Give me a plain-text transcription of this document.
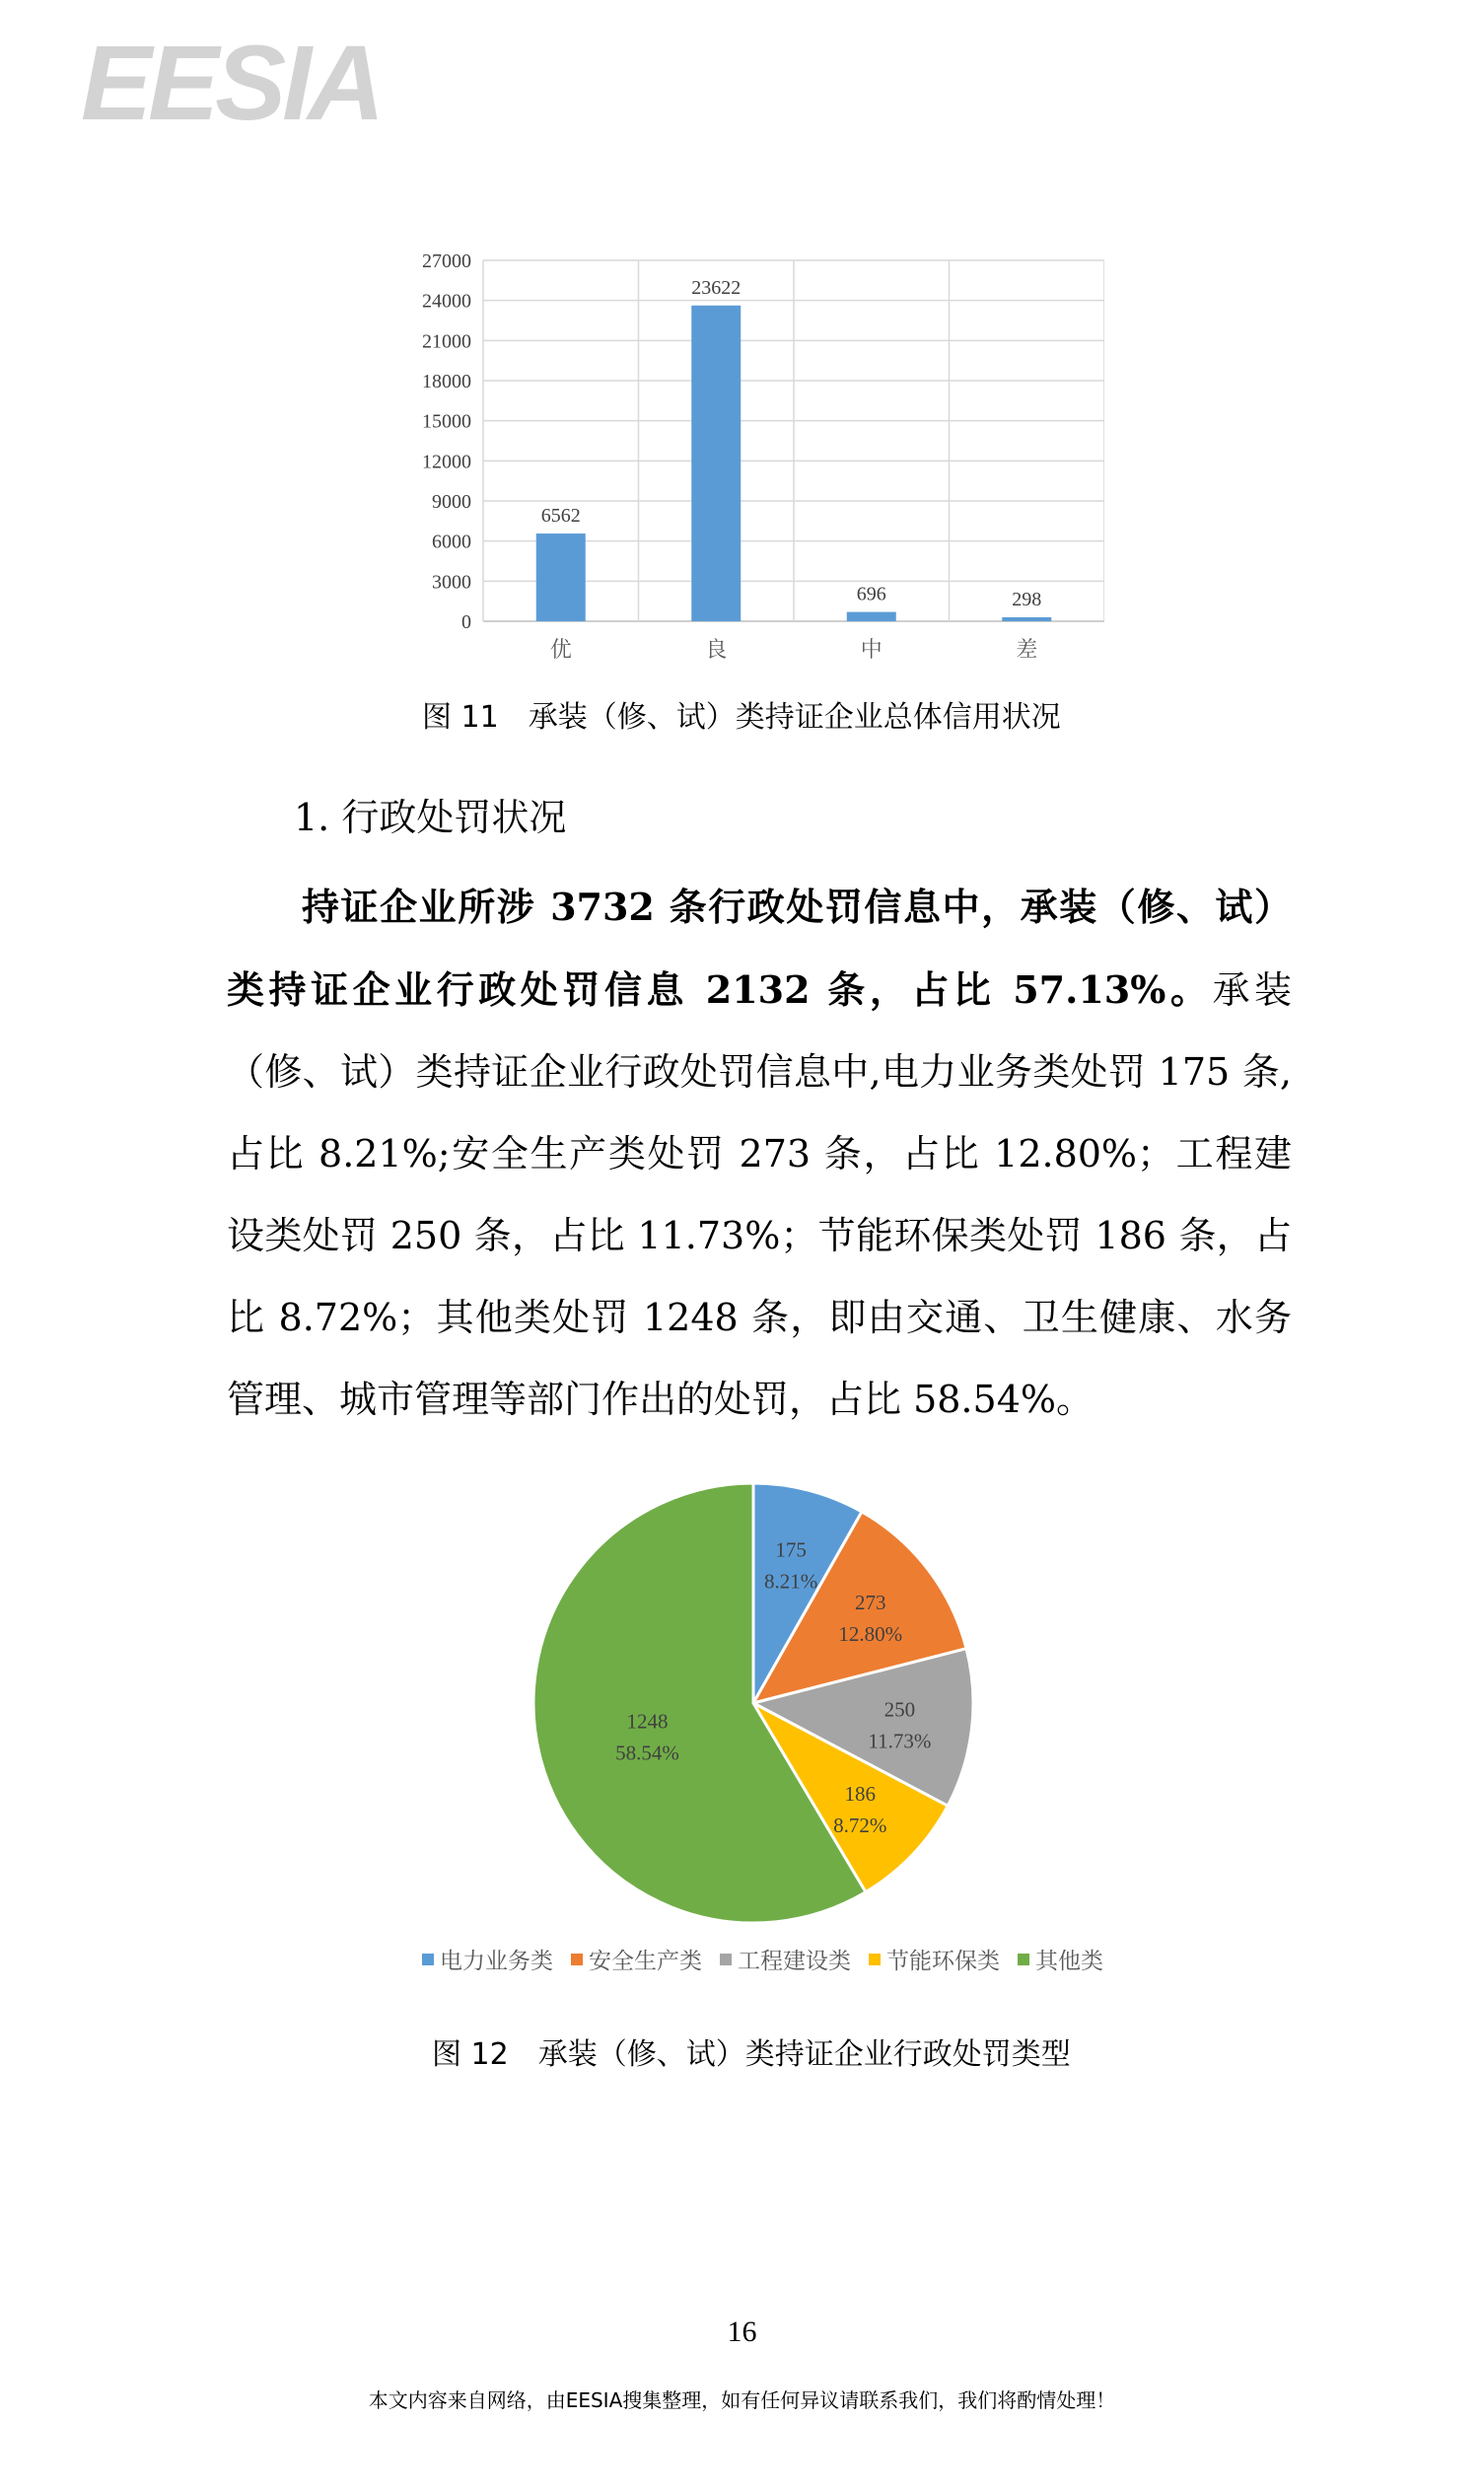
EESIA
0
3000
6000
9000
12000
15000
18000
21000
24000
27000
6562
优
23622
良
696
中
298
差
图 11　承装（修、试）类持证企业总体信用状况
1. 行政处罚状况
持证企业所涉 3732 条行政处罚信息中，承装（修、试）类持证企业行政处罚信息 2132 条，占比 57.13%。承装（修、试）类持证企业行政处罚信息中,电力业务类处罚 175 条,占比 8.21%;安全生产类处罚 273 条，占比 12.80%；工程建设类处罚 250 条，占比 11.73%；节能环保类处罚 186 条，占比 8.72%；其他类处罚 1248 条，即由交通、卫生健康、水务管理、城市管理等部门作出的处罚，占比 58.54%。
175
8.21%
273
12.80%
250
11.73%
186
8.72%
1248
58.54%
电力业务类 安全生产类 工程建设类 节能环保类 其他类
图 12　承装（修、试）类持证企业行政处罚类型
16
本文内容来自网络，由EESIA搜集整理，如有任何异议请联系我们，我们将酌情处理！
